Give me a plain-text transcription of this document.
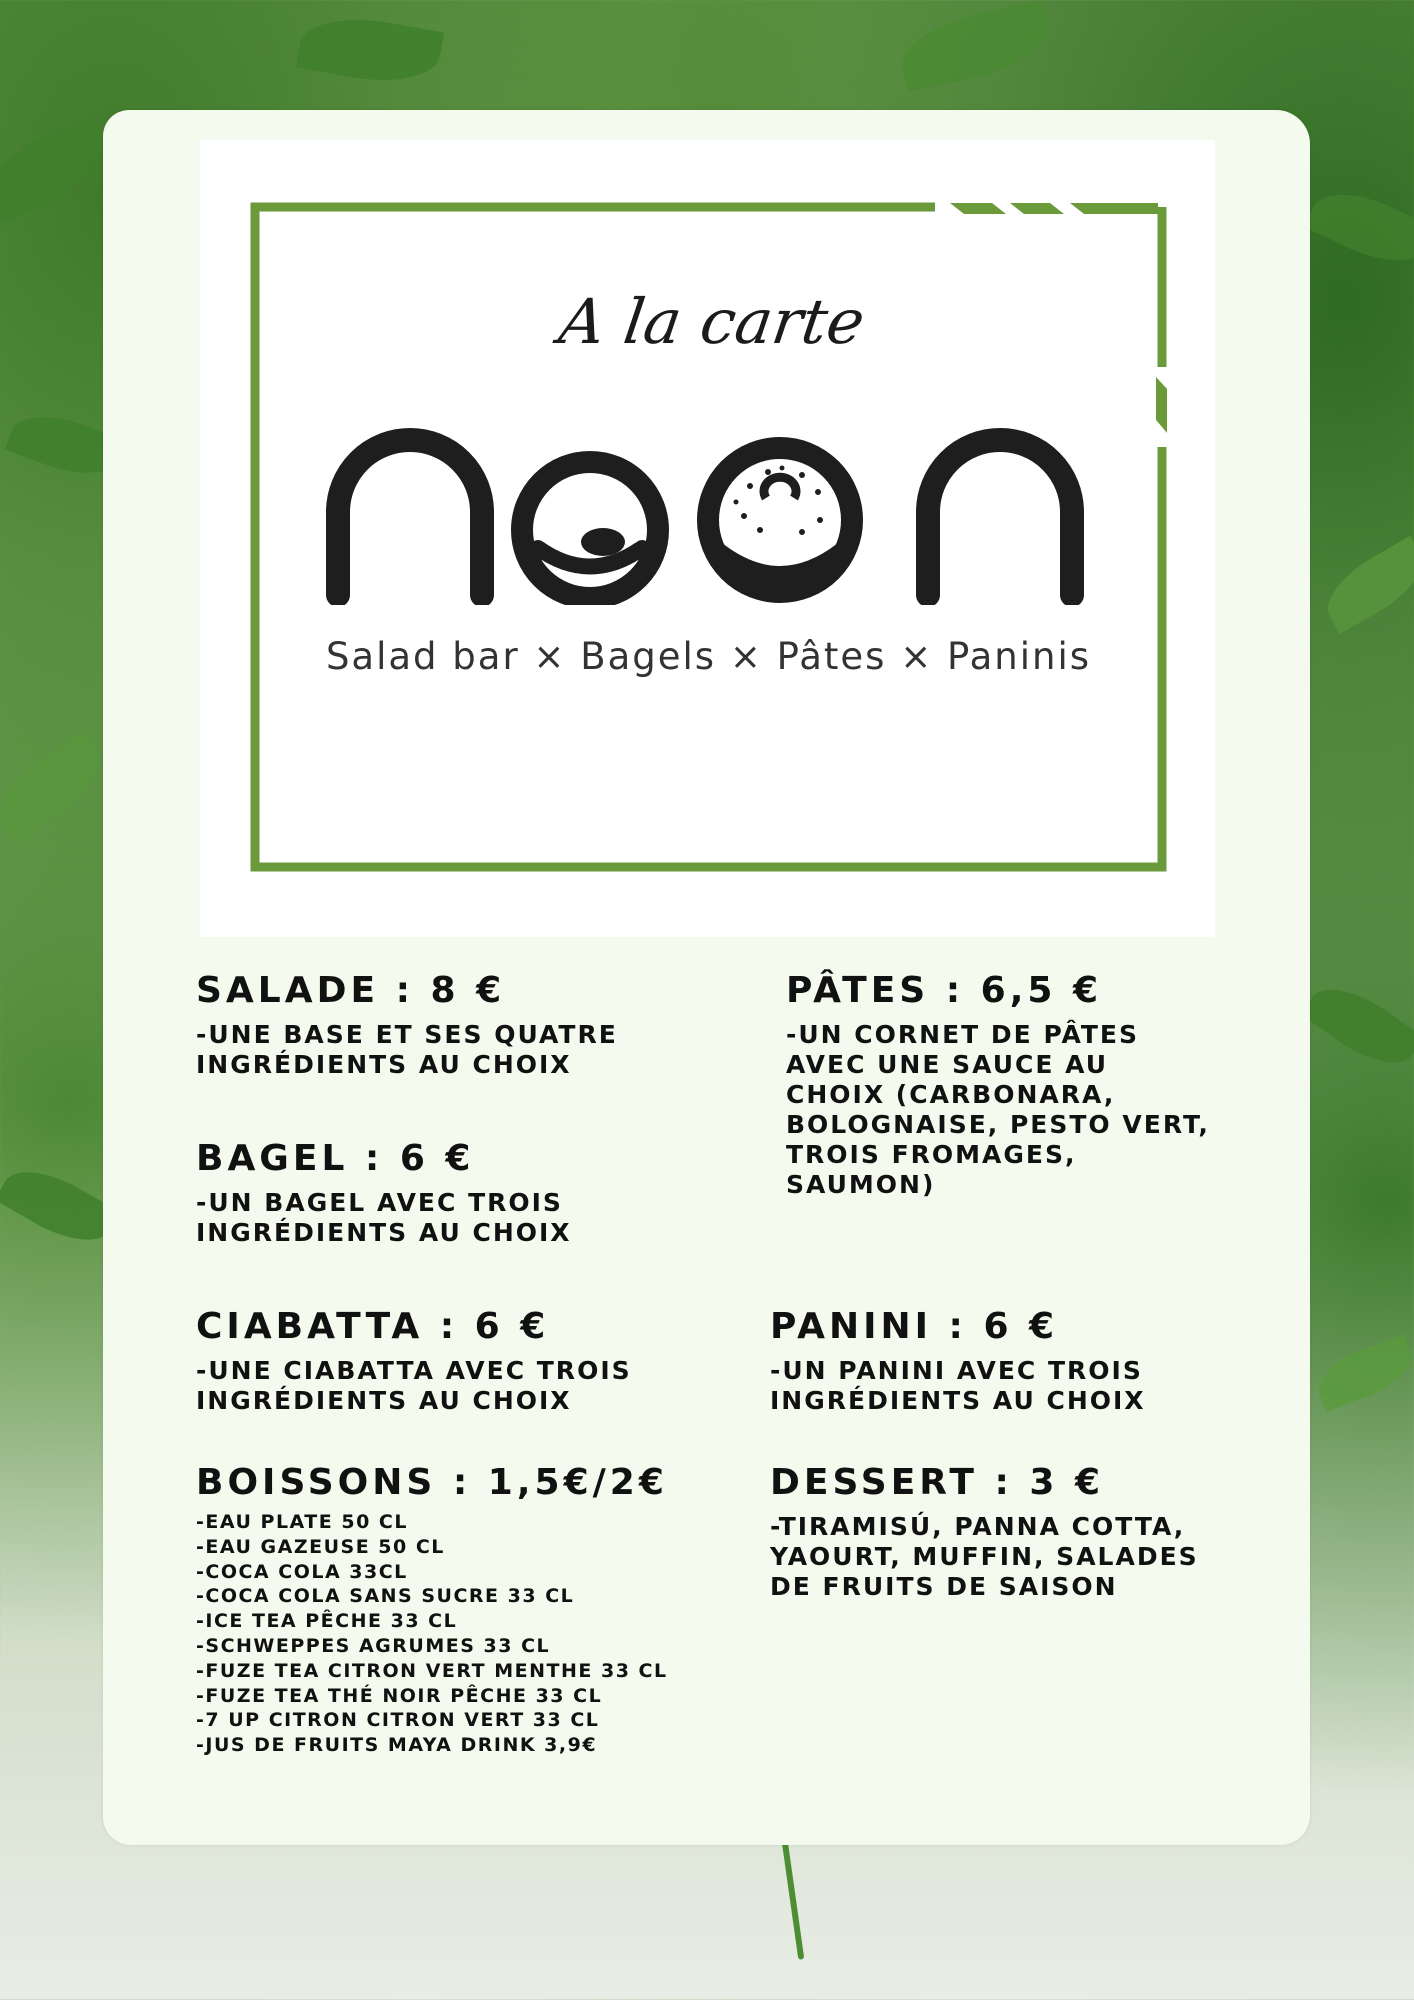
A la carte
Salad bar × Bagels × Pâtes × Paninis
SALADE : 8 €
-UNE BASE ET SES QUATRE
INGRÉDIENTS AU CHOIX
PÂTES : 6,5 €
-UN CORNET DE PÂTES
AVEC UNE SAUCE AU
CHOIX (CARBONARA,
BOLOGNAISE, PESTO VERT,
TROIS FROMAGES,
SAUMON)
BAGEL : 6 €
-UN BAGEL AVEC TROIS
INGRÉDIENTS AU CHOIX
CIABATTA : 6 €
-UNE CIABATTA AVEC TROIS
INGRÉDIENTS AU CHOIX
PANINI : 6 €
-UN PANINI AVEC TROIS
INGRÉDIENTS AU CHOIX
BOISSONS : 1,5€/2€
-EAU PLATE 50 CL
-EAU GAZEUSE 50 CL
-COCA COLA 33CL
-COCA COLA SANS SUCRE 33 CL
-ICE TEA PÊCHE 33 CL
-SCHWEPPES AGRUMES 33 CL
-FUZE TEA CITRON VERT MENTHE 33 CL
-FUZE TEA THÉ NOIR PÊCHE 33 CL
-7 UP CITRON CITRON VERT 33 CL
-JUS DE FRUITS MAYA DRINK 3,9€
DESSERT : 3 €
-TIRAMISÚ, PANNA COTTA,
YAOURT, MUFFIN, SALADES
DE FRUITS DE SAISON
